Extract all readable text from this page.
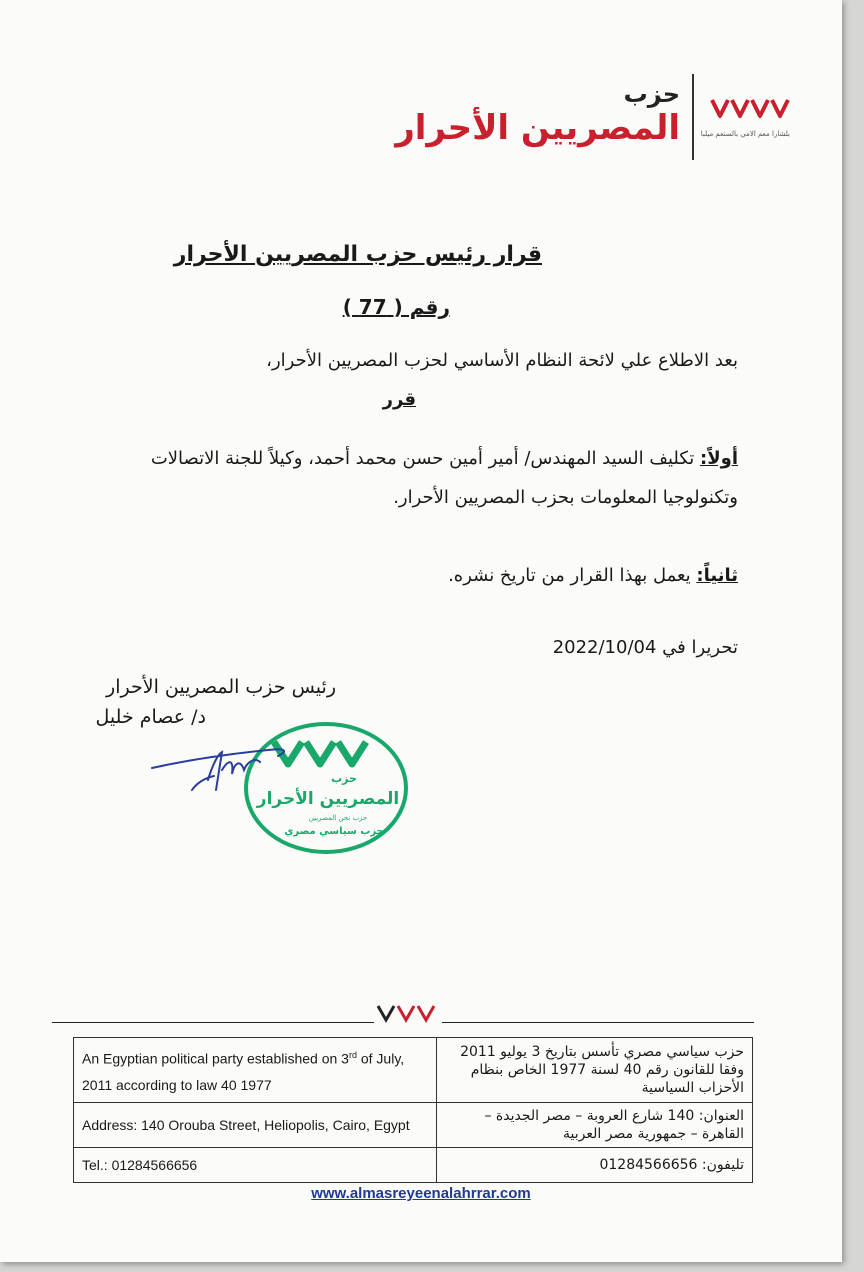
بلشارا معم الامي بالستعم ميلبا
حزب
المصريين الأحرار
قرار رئيس حزب المصريين الأحرار
رقم ( 77 )
بعد الاطلاع علي لائحة النظام الأساسي لحزب المصريين الأحرار،
قرر
أولاً: تكليف السيد المهندس/ أمير أمين حسن محمد أحمد، وكيلاً للجنة الاتصالات وتكنولوجيا المعلومات بحزب المصريين الأحرار.
ثانياً: يعمل بهذا القرار من تاريخ نشره.
تحريرا في 2022/10/04
رئيس حزب المصريين الأحرار
د/ عصام خليل
حزب
المصريين الأحرار
حزب نحن المصريين
حزب سياسي مصري
An Egyptian political party established on 3rd of July, 2011 according to law 40 1977	حزب سياسي مصري تأسس بتاريخ 3 يوليو 2011 وفقا للقانون رقم 40 لسنة 1977 الخاص بنظام الأحزاب السياسية
Address: 140 Oroubа Street, Heliopolis, Cairo, Egypt	العنوان: 140 شارع العروبة – مصر الجديدة – القاهرة – جمهورية مصر العربية
Tel.: 01284566656	تليفون: 01284566656
www.almasreyeenalahrrar.com
